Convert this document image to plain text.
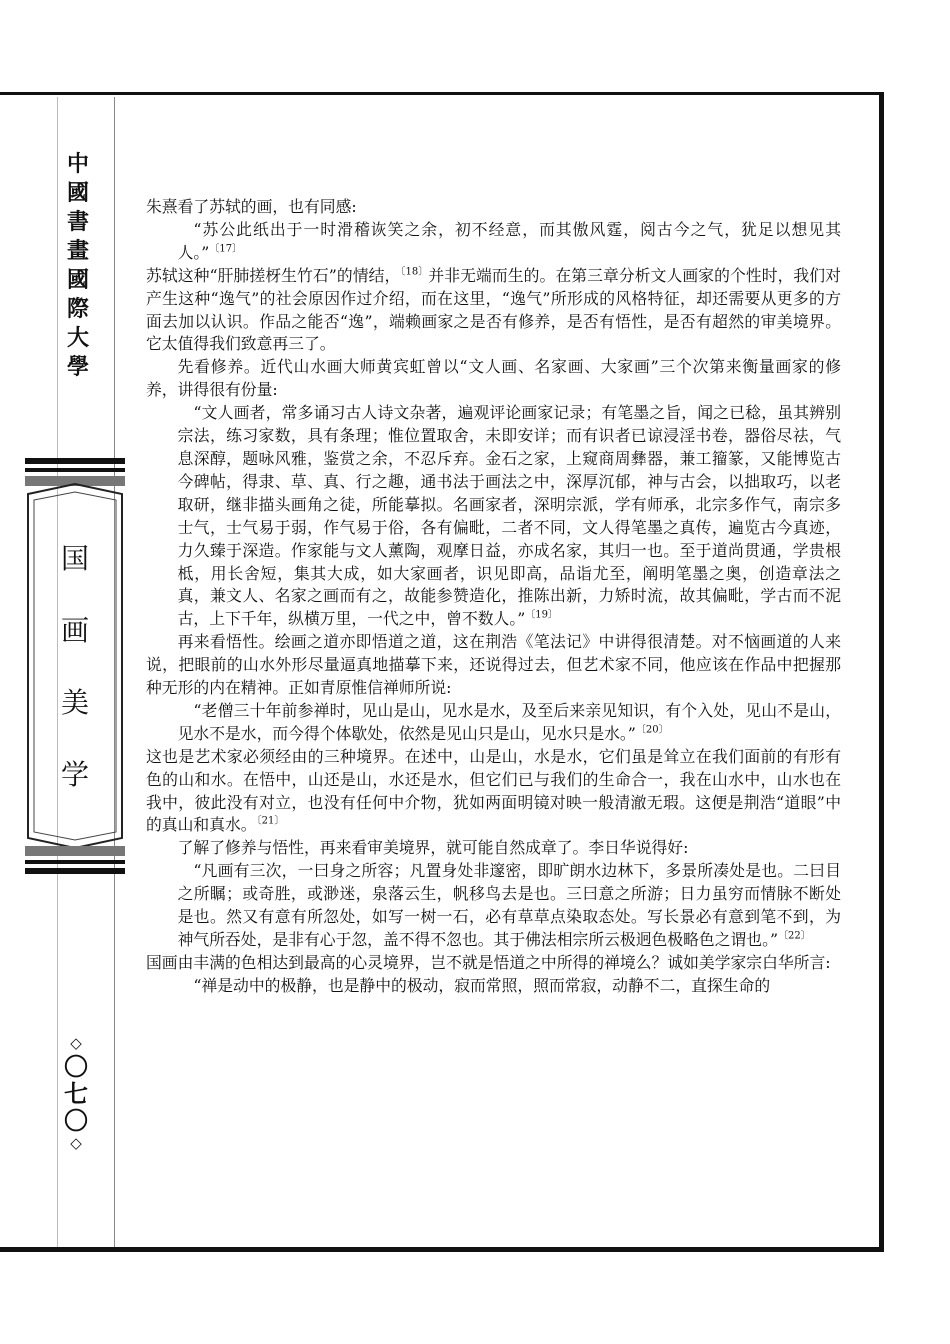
中
國
書
畫
國
際
大
學
国
画
美
学
◇
〇
七
〇
◇

朱熹看了苏轼的画，也有同感:

“苏公此纸出于一时滑稽诙笑之余，初不经意，而其傲风霆，阅古今之气，犹足以想见其人。”$^{〔17〕}$

苏轼这种“肝肺搓枒生竹石”的情结，$^{〔18〕}$并非无端而生的。在第三章分析文人画家的个性时，我们对产生这种“逸气”的社会原因作过介绍，而在这里，“逸气”所形成的风格特征，却还需要从更多的方面去加以认识。作品之能否“逸”，端赖画家之是否有修养，是否有悟性，是否有超然的审美境界。它太值得我们致意再三了。

先看修养。近代山水画大师黄宾虹曾以“文人画、名家画、大家画”三个次第来衡量画家的修养，讲得很有份量:

“文人画者，常多诵习古人诗文杂著，遍观评论画家记录；有笔墨之旨，闻之已稔，虽其辨别宗法，练习家数，具有条理；惟位置取舍，未即安详；而有识者已谅浸淫书卷，器俗尽祛，气息深醇，题咏风雅，鉴赏之余，不忍斥弃。金石之家，上窥商周彝器，兼工籀篆，又能博览古今碑帖，得隶、草、真、行之趣，通书法于画法之中，深厚沉郁，神与古会，以拙取巧，以老取研，继非描头画角之徒，所能摹拟。名画家者，深明宗派，学有师承，北宗多作气，南宗多士气，士气易于弱，作气易于俗，各有偏毗，二者不同，文人得笔墨之真传，遍览古今真迹，力久臻于深造。作家能与文人薰陶，观摩日益，亦成名家，其归一也。至于道尚贯通，学贵根柢，用长舍短，集其大成，如大家画者，识见即高，品诣尤至，阐明笔墨之奥，创造章法之真，兼文人、名家之画而有之，故能参赞造化，推陈出新，力矫时流，故其偏毗，学古而不泥古，上下千年，纵横万里，一代之中，曾不数人。”$^{〔19〕}$

再来看悟性。绘画之道亦即悟道之道，这在荆浩《笔法记》中讲得很清楚。对不恼画道的人来说，把眼前的山水外形尽量逼真地描摹下来，还说得过去，但艺术家不同，他应该在作品中把握那种无形的内在精神。正如青原惟信禅师所说:

“老僧三十年前参禅时，见山是山，见水是水，及至后来亲见知识，有个入处，见山不是山，见水不是水，而今得个体歇处，依然是见山只是山，见水只是水。”$^{〔20〕}$

这也是艺术家必须经由的三种境界。在述中，山是山，水是水，它们虽是耸立在我们面前的有形有色的山和水。在悟中，山还是山，水还是水，但它们已与我们的生命合一，我在山水中，山水也在我中，彼此没有对立，也没有任何中介物，犹如两面明镜对映一般清澈无瑕。这便是荆浩“道眼”中的真山和真水。$^{〔21〕}$

了解了修养与悟性，再来看审美境界，就可能自然成章了。李日华说得好:

“凡画有三次，一曰身之所容；凡置身处非邃密，即旷朗水边林下，多景所凑处是也。二曰目之所瞩；或奇胜，或渺迷，泉落云生，帆移鸟去是也。三曰意之所游；日力虽穷而情脉不断处是也。然又有意有所忽处，如写一树一石，必有草草点染取态处。写长景必有意到笔不到，为神气所吞处，是非有心于忽，盖不得不忽也。其于佛法相宗所云极迥色极略色之谓也。”$^{〔22〕}$

国画由丰满的色相达到最高的心灵境界，岂不就是悟道之中所得的禅境么？诚如美学家宗白华所言:

“禅是动中的极静，也是静中的极动，寂而常照，照而常寂，动静不二，直探生命的
